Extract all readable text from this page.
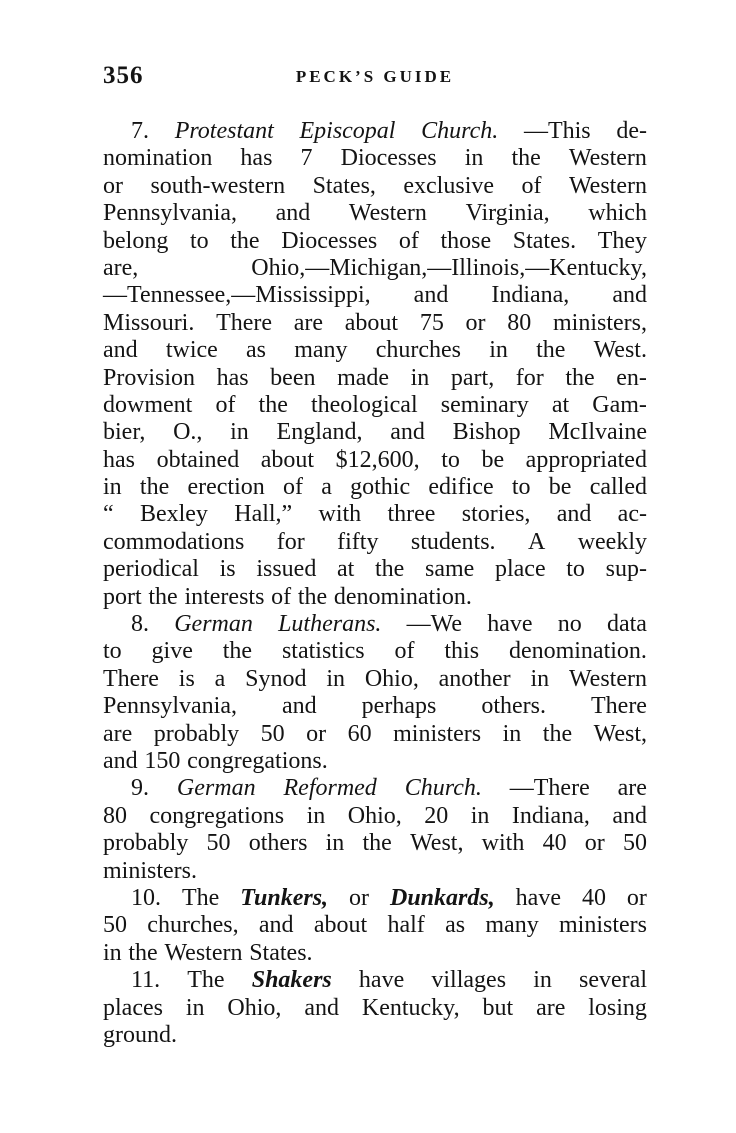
356	PECK’S GUIDE
7. Protestant Episcopal Church. —This de-
nomination has 7 Diocesses in the Western
or south-western States, exclusive of Western
Pennsylvania, and Western Virginia, which
belong to the Diocesses of those States. They
are,	Ohio,—Michigan,—Illinois,—Kentucky,
—Tennessee,—Mississippi, and Indiana, and
Missouri. There are about 75 or 80 ministers,
and twice as many churches in the West.
Provision has been made in part, for the en-
dowment of the theological seminary at Gam-
bier, O., in England, and Bishop McIlvaine
has obtained about $12,600, to be appropriated
in the erection of a gothic edifice to be called
“ Bexley Hall,” with three stories, and ac-
commodations for fifty students. A weekly
periodical is issued at the same place to sup-
port the interests of the denomination.
8. German Lutherans. —We have no data
to give the statistics of this denomination.
There is a Synod in Ohio, another in Western
Pennsylvania, and perhaps others. There
are probably 50 or 60 ministers in the West,
and 150 congregations.
9. German Reformed Church. —There are
80 congregations in Ohio, 20 in Indiana, and
probably 50 others in the West, with 40 or 50
ministers.
10. The Tunkers, or Dunkards, have 40 or
50 churches, and about half as many ministers
in the Western States.
11. The Shakers have villages in several
places in Ohio, and Kentucky, but are losing
ground.
